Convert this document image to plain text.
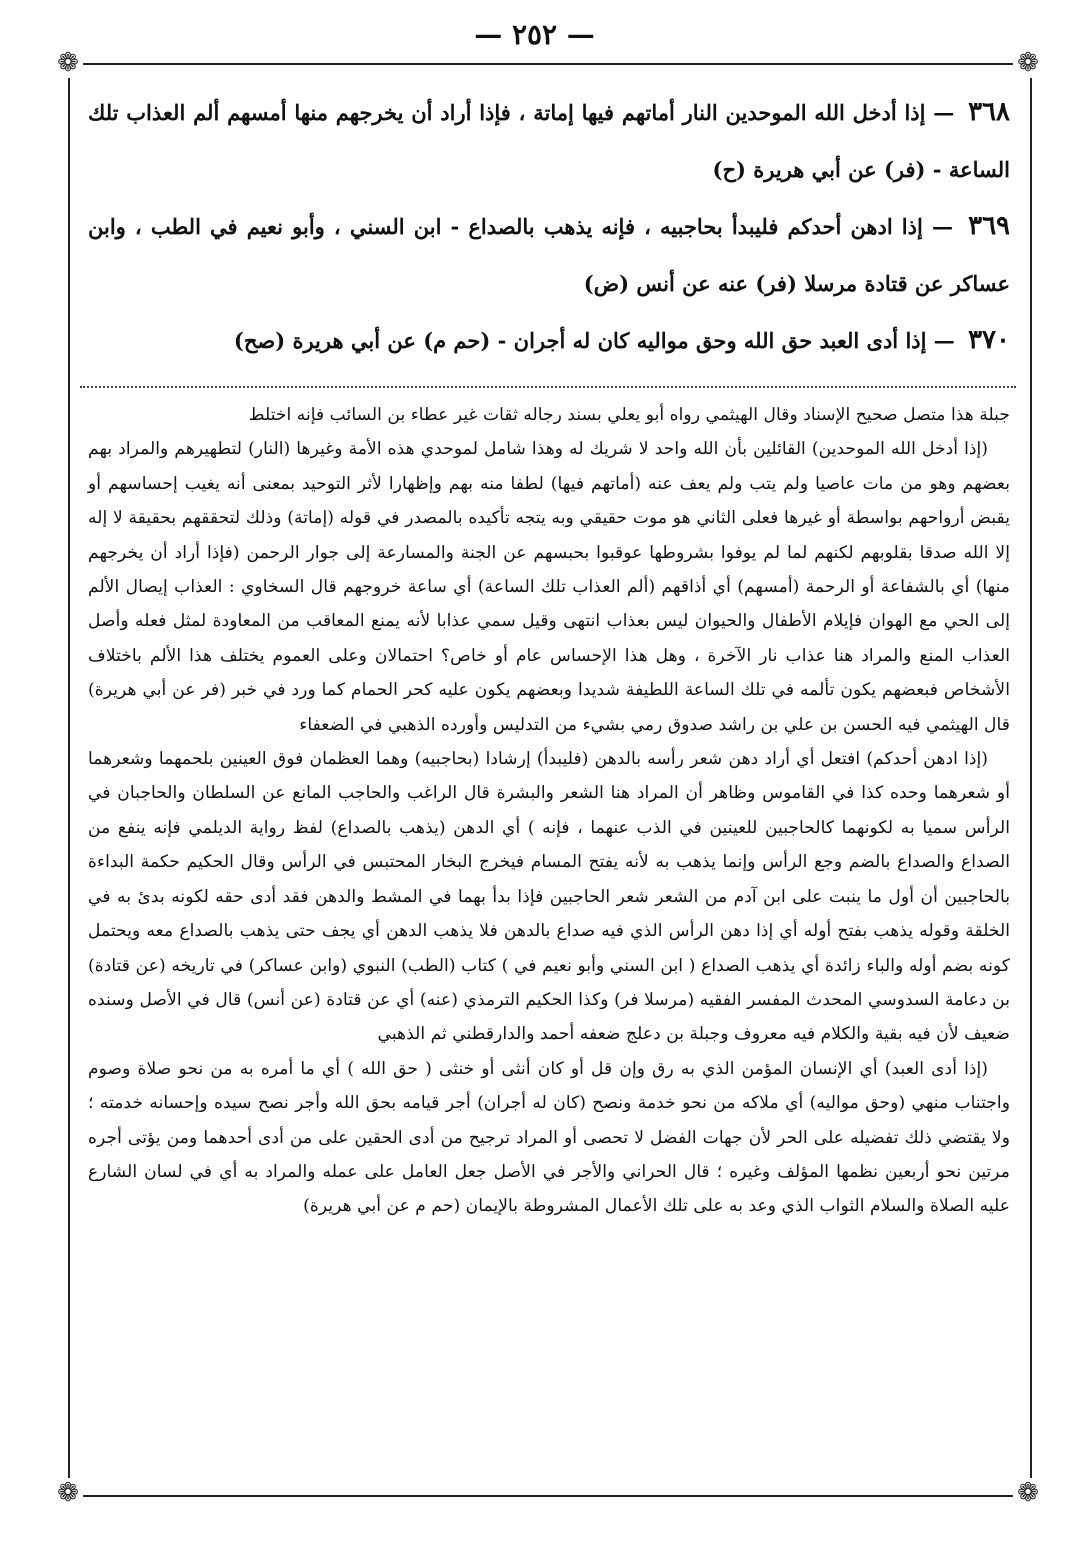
— ٢٥٢ —
❁	❁
❁	❁

٣٦٨ — إذا أدخل الله الموحدين النار أماتهم فيها إماتة ، فإذا أراد أن يخرجهم منها أمسهم ألم العذاب تلك الساعة - (فر) عن أبي هريرة (ح)

٣٦٩ — إذا ادهن أحدكم فليبدأ بحاجبيه ، فإنه يذهب بالصداع - ابن السني ، وأبو نعيم في الطب ، وابن عساكر عن قتادة مرسلا (فر) عنه عن أنس (ض)

٣٧٠ — إذا أدى العبد حق الله وحق مواليه كان له أجران - (حم م) عن أبي هريرة (صح)

جبلة هذا متصل صحيح الإسناد وقال الهيثمي رواه أبو يعلي بسند رجاله ثقات غير عطاء بن السائب فإنه اختلط

(إذا أدخل الله الموحدين) القائلين بأن الله واحد لا شريك له وهذا شامل لموحدي هذه الأمة وغيرها (النار) لتطهيرهم والمراد بهم بعضهم وهو من مات عاصيا ولم يتب ولم يعف عنه (أماتهم فيها) لطفا منه بهم وإظهارا لأثر التوحيد بمعنى أنه يغيب إحساسهم أو يقبض أرواحهم بواسطة أو غيرها فعلى الثاني هو موت حقيقي وبه يتجه تأكيده بالمصدر في قوله (إماتة) وذلك لتحققهم بحقيقة لا إله إلا الله صدقا بقلوبهم لكنهم لما لم يوفوا بشروطها عوقبوا بحبسهم عن الجنة والمسارعة إلى جوار الرحمن (فإذا أراد أن يخرجهم منها) أي بالشفاعة أو الرحمة (أمسهم) أي أذاقهم (ألم العذاب تلك الساعة) أي ساعة خروجهم قال السخاوي : العذاب إيصال الألم إلى الحي مع الهوان فإيلام الأطفال والحيوان ليس بعذاب انتهى وقيل سمي عذابا لأنه يمنع المعاقب من المعاودة لمثل فعله وأصل العذاب المنع والمراد هنا عذاب نار الآخرة ، وهل هذا الإحساس عام أو خاص؟ احتمالان وعلى العموم يختلف هذا الألم باختلاف الأشخاص فبعضهم يكون تألمه في تلك الساعة اللطيفة شديدا وبعضهم يكون عليه كحر الحمام كما ورد في خبر (فر عن أبي هريرة) قال الهيثمي فيه الحسن بن علي بن راشد صدوق رمي بشيء من التدليس وأورده الذهبي في الضعفاء

(إذا ادهن أحدكم) افتعل أي أراد دهن شعر رأسه بالدهن (فليبدأ) إرشادا (بحاجبيه) وهما العظمان فوق العينين بلحمهما وشعرهما أو شعرهما وحده كذا في القاموس وظاهر أن المراد هنا الشعر والبشرة قال الراغب والحاجب المانع عن السلطان والحاجبان في الرأس سميا به لكونهما كالحاجبين للعينين في الذب عنهما ، فإنه ) أي الدهن (يذهب بالصداع) لفظ رواية الديلمي فإنه ينفع من الصداع والصداع بالضم وجع الرأس وإنما يذهب به لأنه يفتح المسام فيخرج البخار المحتبس في الرأس وقال الحكيم حكمة البداءة بالحاجبين أن أول ما ينبت على ابن آدم من الشعر شعر الحاجبين فإذا بدأ بهما في المشط والدهن فقد أدى حقه لكونه بدئ به في الخلقة وقوله يذهب بفتح أوله أي إذا دهن الرأس الذي فيه صداع بالدهن فلا يذهب الدهن أي يجف حتى يذهب بالصداع معه ويحتمل كونه بضم أوله والباء زائدة أي يذهب الصداع ( ابن السني وأبو نعيم في ) كتاب (الطب) النبوي (وابن عساكر) في تاريخه (عن قتادة) بن دعامة السدوسي المحدث المفسر الفقيه (مرسلا فر) وكذا الحكيم الترمذي (عنه) أي عن قتادة (عن أنس) قال في الأصل وسنده ضعيف لأن فيه بقية والكلام فيه معروف وجبلة بن دعلج ضعفه أحمد والدارقطني ثم الذهبي

(إذا أدى العبد) أي الإنسان المؤمن الذي به رق وإن قل أو كان أنثى أو خنثى ( حق الله ) أي ما أمره به من نحو صلاة وصوم واجتناب منهي (وحق مواليه) أي ملاكه من نحو خدمة ونصح (كان له أجران) أجر قيامه بحق الله وأجر نصح سيده وإحسانه خدمته ؛ ولا يقتضي ذلك تفضيله على الحر لأن جهات الفضل لا تحصى أو المراد ترجيح من أدى الحقين على من أدى أحدهما ومن يؤتى أجره مرتين نحو أربعين نظمها المؤلف وغيره ؛ قال الحراني والأجر في الأصل جعل العامل على عمله والمراد به أي في لسان الشارع عليه الصلاة والسلام الثواب الذي وعد به على تلك الأعمال المشروطة بالإيمان (حم م عن أبي هريرة)
